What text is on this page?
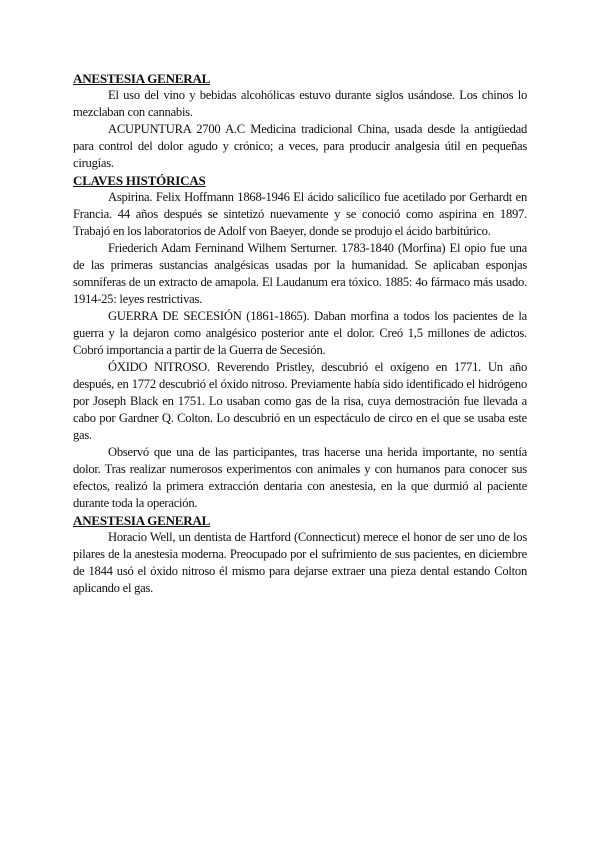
ANESTESIA GENERAL

El uso del vino y bebidas alcohólicas estuvo durante siglos usándose. Los chinos lo mezclaban con cannabis.

ACUPUNTURA 2700 A.C Medicina tradicional China, usada desde la antigüedad para control del dolor agudo y crónico; a veces, para producir analgesia útil en pequeñas cirugías.

CLAVES HISTÓRICAS

Aspirina. Felix Hoffmann 1868-1946 El ácido salicílico fue acetilado por Gerhardt en Francia. 44 años después se sintetizó nuevamente y se conoció como aspirina en 1897. Trabajó en los laboratorios de Adolf von Baeyer, donde se produjo el ácido barbitúrico.

Friederich Adam Ferninand Wilhem Serturner. 1783-1840 (Morfina) El opio fue una de las primeras sustancias analgésicas usadas por la humanidad. Se aplicaban esponjas somníferas de un extracto de amapola. El Laudanum era tóxico. 1885: 4o fármaco más usado. 1914-25: leyes restrictivas.

GUERRA DE SECESIÓN (1861-1865). Daban morfina a todos los pacientes de la guerra y la dejaron como analgésico posterior ante el dolor. Creó 1,5 millones de adictos. Cobró importancia a partir de la Guerra de Secesión.

ÓXIDO NITROSO. Reverendo Pristley, descubrió el oxígeno en 1771. Un año después, en 1772 descubrió el óxido nitroso. Previamente había sido identificado el hidrógeno por Joseph Black en 1751. Lo usaban como gas de la risa, cuya demostración fue llevada a cabo por Gardner Q. Colton. Lo descubrió en un espectáculo de circo en el que se usaba este gas.

Observó que una de las participantes, tras hacerse una herida importante, no sentía dolor. Tras realizar numerosos experimentos con animales y con humanos para conocer sus efectos, realizó la primera extracción dentaria con anestesia, en la que durmió al paciente durante toda la operación.

ANESTESIA GENERAL

Horacio Well, un dentista de Hartford (Connecticut) merece el honor de ser uno de los pilares de la anestesia moderna. Preocupado por el sufrimiento de sus pacientes, en diciembre de 1844 usó el óxido nitroso él mismo para dejarse extraer una pieza dental estando Colton aplicando el gas.
